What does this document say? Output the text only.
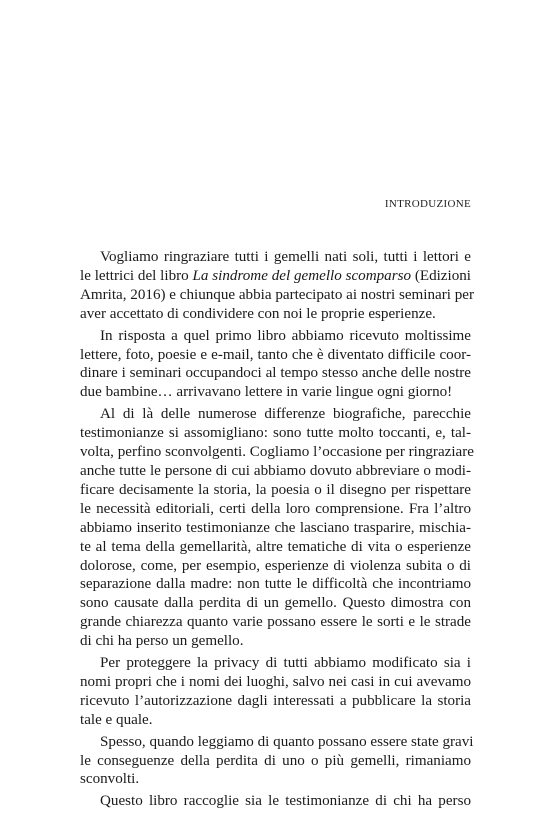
INTRODUZIONE
Vogliamo ringraziare tutti i gemelli nati soli, tutti i lettori e
le lettrici del libro La sindrome del gemello scomparso (Edizioni
Amrita, 2016) e chiunque abbia partecipato ai nostri seminari per
aver accettato di condividere con noi le proprie esperienze.
In risposta a quel primo libro abbiamo ricevuto moltissime
lettere, foto, poesie e e-mail, tanto che è diventato difficile coor-
dinare i seminari occupandoci al tempo stesso anche delle nostre
due bambine… arrivavano lettere in varie lingue ogni giorno!
Al di là delle numerose differenze biografiche, parecchie
testimonianze si assomigliano: sono tutte molto toccanti, e, tal-
volta, perfino sconvolgenti. Cogliamo l’occasione per ringraziare
anche tutte le persone di cui abbiamo dovuto abbreviare o modi-
ficare decisamente la storia, la poesia o il disegno per rispettare
le necessità editoriali, certi della loro comprensione. Fra l’altro
abbiamo inserito testimonianze che lasciano trasparire, mischia-
te al tema della gemellarità, altre tematiche di vita o esperienze
dolorose, come, per esempio, esperienze di violenza subita o di
separazione dalla madre: non tutte le difficoltà che incontriamo
sono causate dalla perdita di un gemello. Questo dimostra con
grande chiarezza quanto varie possano essere le sorti e le strade
di chi ha perso un gemello.
Per proteggere la privacy di tutti abbiamo modificato sia i
nomi propri che i nomi dei luoghi, salvo nei casi in cui avevamo
ricevuto l’autorizzazione dagli interessati a pubblicare la storia
tale e quale.
Spesso, quando leggiamo di quanto possano essere state gravi
le conseguenze della perdita di uno o più gemelli, rimaniamo
sconvolti.
Questo libro raccoglie sia le testimonianze di chi ha perso
